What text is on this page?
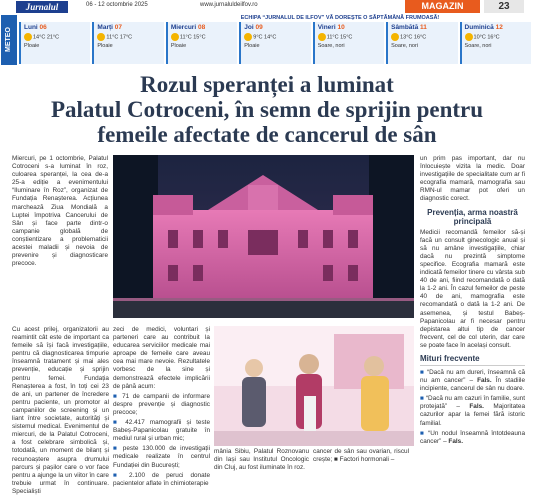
Jurnalul	06 - 12 octombrie 2025	www.jurnaluldeilfov.ro	MAGAZIN	23
METEO
ECHIPA “JURNALUL DE ILFOV” VĂ DOREȘTE O SĂPTĂMÂNĂ FRUMOASĂ!
Luni 06
14°C 21°C
Ploaie
Marți 07
11°C 17°C
Ploaie
Miercuri 08
11°C 15°C
Ploaie
Joi 09
9°C 14°C
Ploaie
Vineri 10
11°C 15°C
Soare, nori
Sâmbătă 11
13°C 16°C
Soare, nori
Duminică 12
10°C 16°C
Soare, nori
Rozul speranței a luminat
Palatul Cotroceni, în semn de sprijin pentru
femeile afectate de cancerul de sân

Miercuri, pe 1 octombrie, Palatul Cotroceni s-a luminat în roz, culoarea speranței, la cea de-a 25-a ediție a evenimentului “Iluminare în Roz”, organizat de Fundația Renașterea. Acțiunea marchează Ziua Mondială a Luptei împotriva Cancerului de Sân și face parte dintr-o campanie globală de conștientizare a problematicii acestei maladii și nevoia de prevenire și diagnosticare precoce.

Cu acest prilej, organizatorii au reamintit cât este de important ca femeile să își facă investigațiile, pentru că diagnosticarea timpurie înseamnă tratament și mai ales prevenție, educație și sprijin pentru femei. Fundația Renașterea a fost, în toți cei 23 de ani, un partener de încredere pentru paciente, un promotor al campaniilor de screening și un liant între societate, autorități și sistemul medical. Evenimentul de miercuri, de la Palatul Cotroceni, a fost celebrare simbolică și, totodată, un moment de bilanț și recunoaștere asupra drumului parcurs și pașilor care o vor face pentru a ajunge la un viitor în care trebuie urmat în continuare. Specialiști

zeci de medici, voluntari și parteneri care au contribuit la educarea serviciilor medicale mai aproape de femeile care aveau cea mai mare nevoie. Rezultatele vorbesc de la sine și demonstrează efectele implicării de până acum:

■ 71 de campanii de informare despre prevenție și diagnostic precoce;

■ 42.417 mamografii și teste Babeș-Papanicolau gratuite în mediul rural și urban mic;

■ peste 130.000 de investigații medicale realizate în centrul Fundației din București;

■ 2.100 de peruci donate pacientelor aflate în chimioterapie

mânia Sibiu, Palatul Roznovanu din Iași sau Institutul Oncologic din Cluj, au fost iluminate în roz.

cancer de sân sau ovarian, riscul crește; ■ Factori hormonali –

un prim pas important, dar nu înlocuiește vizita la medic. Doar investigațiile de specialitate cum ar fi ecografia mamară, mamografia sau RMN-ul mamar pot oferi un diagnostic corect.

Prevenția, arma noastră principală

Medicii recomandă femeilor să-și facă un consult ginecologic anual și să nu amâne investigațiile, chiar dacă nu prezintă simptome specifice. Ecografia mamară este indicată femeilor tinere cu vârsta sub 40 de ani, fiind recomandată o dată la 1-2 ani. În cazul femeilor de peste 40 de ani, mamografia este recomandată o dată la 1-2 ani. De asemenea, și testul Babeș-Papanicolau ar fi necesar pentru depistarea altui tip de cancer frecvent, cel de col uterin, dar care se poate face în același consult.

Mituri frecvente

■ “Dacă nu am dureri, înseamnă că nu am cancer” – Fals. În stadiile incipiente, cancerul de sân nu doare.

■ “Dacă nu am cazuri în familie, sunt protejată” – Fals. Majoritatea cazurilor apar la femei fără istoric familial.

■ “Un nodul înseamnă întotdeauna cancer” – Fals.
